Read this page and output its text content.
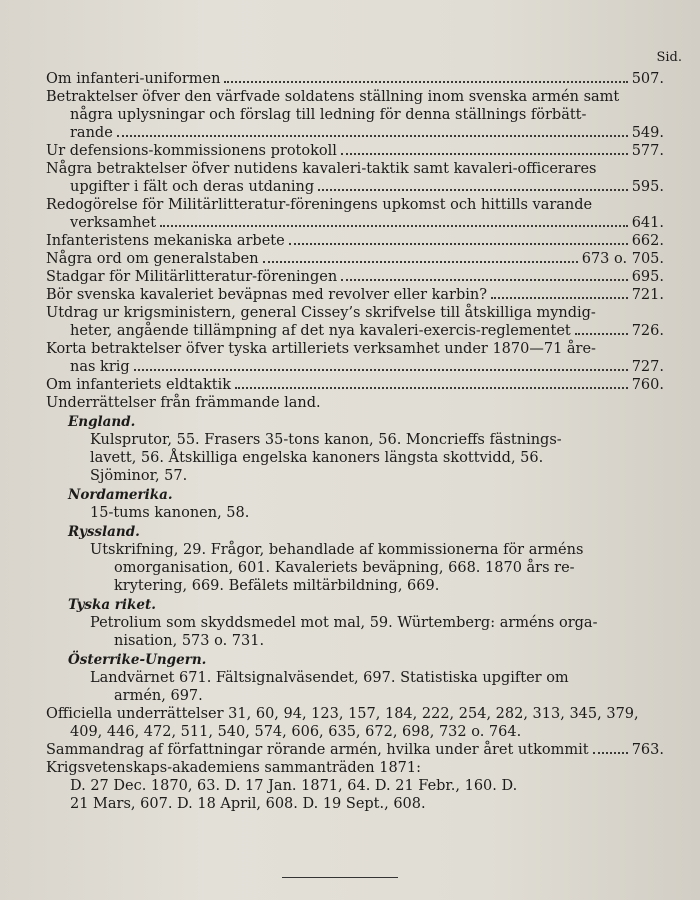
Sid.
Om infanteri-uniformen	507.
Betraktelser öfver den värfvade soldatens ställning inom svenska armén samt
några uplysningar och förslag till ledning för denna ställnings förbätt-
rande	549.
Ur defensions-kommissionens protokoll	577.
Några betraktelser öfver nutidens kavaleri-taktik samt kavaleri-officerares
upgifter i fält och deras utdaning	595.
Redogörelse för Militärlitteratur-föreningens upkomst och hittills varande
verksamhet	641.
Infanteristens mekaniska arbete	662.
Några ord om generalstaben	673 o. 705.
Stadgar för Militärlitteratur-föreningen	695.
Bör svenska kavaleriet beväpnas med revolver eller karbin?	721.
Utdrag ur krigsministern, general Cissey’s skrifvelse till åtskilliga myndig-
heter, angående tillämpning af det nya kavaleri-exercis-reglementet	726.
Korta betraktelser öfver tyska artilleriets verksamhet under 1870—71 åre-
nas krig	727.
Om infanteriets eldtaktik	760.
Underrättelser från främmande land.
England.
Kulsprutor, 55. Frasers 35-tons kanon, 56. Moncrieffs fästnings-
lavett, 56. Åtskilliga engelska kanoners längsta skottvidd, 56.
Sjöminor, 57.
Nordamerika.
15-tums kanonen, 58.
Ryssland.
Utskrifning, 29. Frågor, behandlade af kommissionerna för arméns
omorganisation, 601. Kavaleriets beväpning, 668. 1870 års re-
krytering, 669. Befälets miltärbildning, 669.
Tyska riket.
Petrolium som skyddsmedel mot mal, 59. Würtemberg: arméns orga-
nisation, 573 o. 731.
Österrike-Ungern.
Landvärnet 671. Fältsignalväsendet, 697. Statistiska upgifter om
armén, 697.
Officiella underrättelser 31, 60, 94, 123, 157, 184, 222, 254, 282, 313, 345, 379,
409, 446, 472, 511, 540, 574, 606, 635, 672, 698, 732 o. 764.
Sammandrag af författningar rörande armén, hvilka under året utkommit	763.
Krigsvetenskaps-akademiens sammanträden 1871:
D. 27 Dec. 1870, 63. D. 17 Jan. 1871, 64. D. 21 Febr., 160. D.
21 Mars, 607. D. 18 April, 608. D. 19 Sept., 608.
